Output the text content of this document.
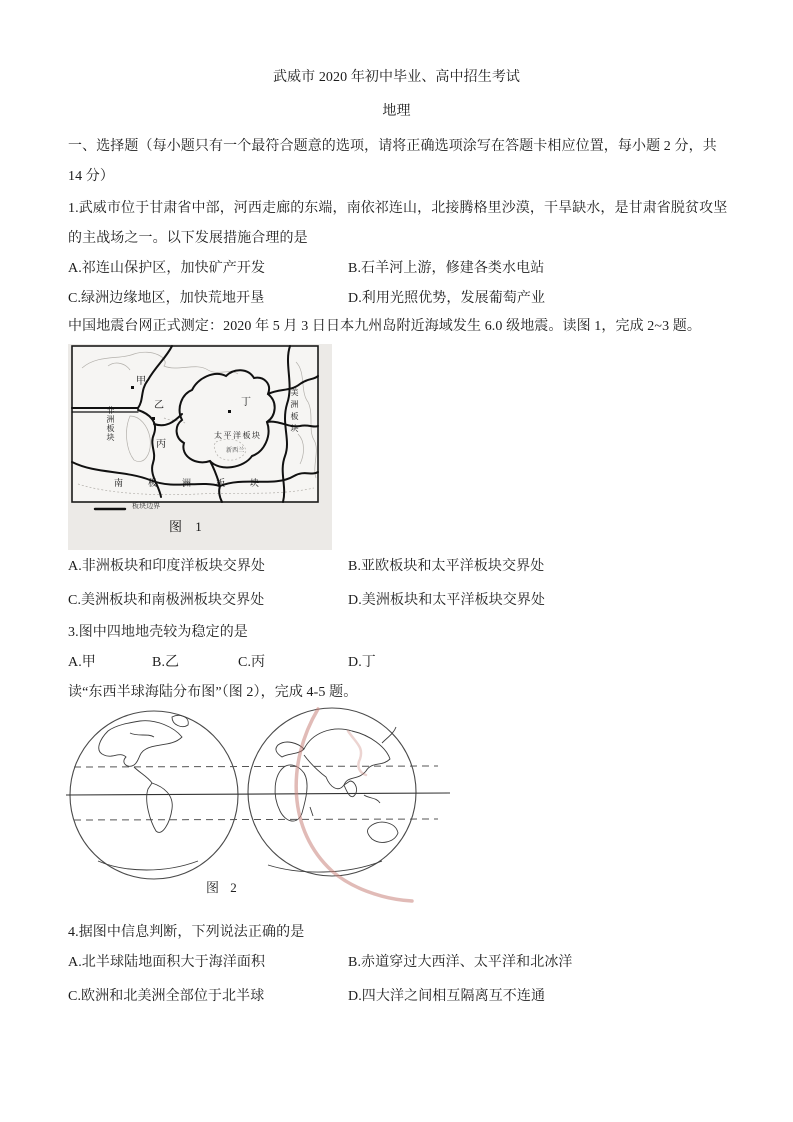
武威市 2020 年初中毕业、高中招生考试
地理
一、选择题（每小题只有一个最符合题意的选项，请将正确选项涂写在答题卡相应位置，每小题 2 分，共
14 分）
1.武威市位于甘肃省中部，河西走廊的东端，南依祁连山，北接腾格里沙漠，干旱缺水，是甘肃省脱贫攻坚
的主战场之一。以下发展措施合理的是
A.祁连山保护区，加快矿产开发	B.石羊河上游，修建各类水电站
C.绿洲边缘地区，加快荒地开垦	D.利用光照优势，发展葡萄产业
中国地震台网正式测定：2020 年 5 月 3 日日本九州岛附近海域发生 6.0 级地震。读图 1，完成 2~3 题。
甲
乙
丙
丁
太平洋板块
非洲板块	美洲板块
南极洲板块
新西兰
板块边界
图 1
A.非洲板块和印度洋板块交界处	B.亚欧板块和太平洋板块交界处
C.美洲板块和南极洲板块交界处	D.美洲板块和太平洋板块交界处
3.图中四地地壳较为稳定的是
A.甲	B.乙	C.丙	D.丁
读“东西半球海陆分布图”（图 2），完成 4-5 题。
图 2
4.据图中信息判断，下列说法正确的是
A.北半球陆地面积大于海洋面积	B.赤道穿过大西洋、太平洋和北冰洋
C.欧洲和北美洲全部位于北半球	D.四大洋之间相互隔离互不连通
